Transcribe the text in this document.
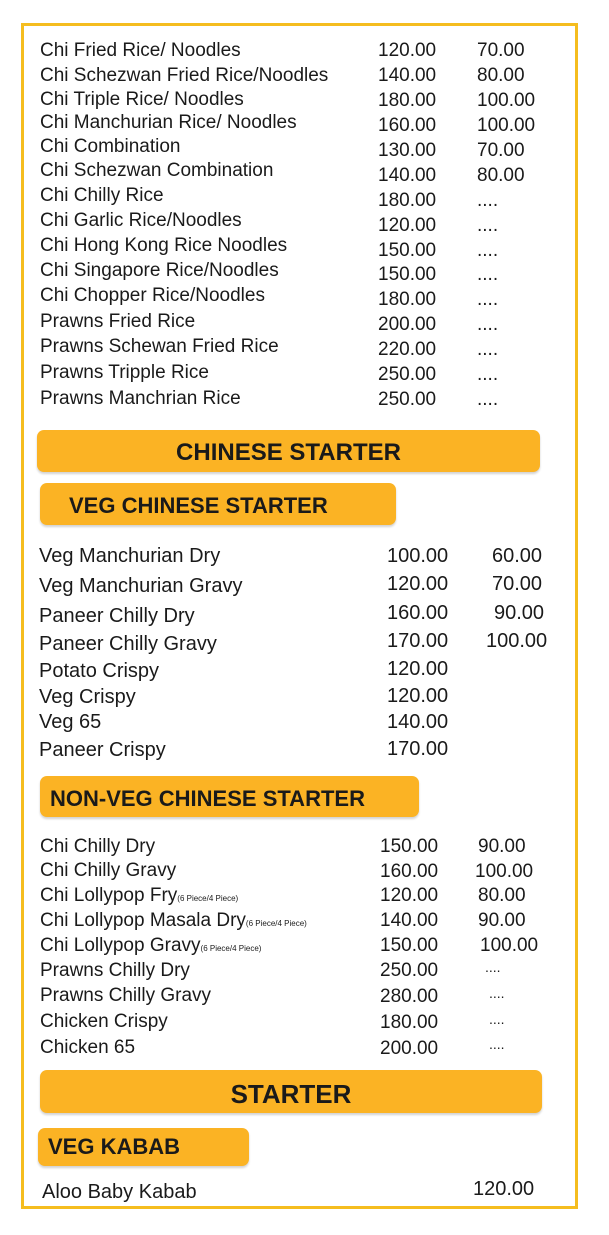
Chi Fried Rice/ Noodles	120.00 70.00
Chi Schezwan Fried Rice/Noodles	140.00 80.00
Chi Triple Rice/ Noodles	180.00 100.00
Chi Manchurian Rice/ Noodles	160.00 100.00
Chi Combination	130.00 70.00
Chi Schezwan Combination	140.00 80.00
Chi Chilly Rice	180.00 ....
Chi Garlic Rice/Noodles	120.00 ....
Chi Hong Kong Rice Noodles	150.00 ....
Chi Singapore Rice/Noodles	150.00 ....
Chi Chopper Rice/Noodles	180.00 ....
Prawns Fried Rice	200.00 ....
Prawns Schewan Fried Rice	220.00 ....
Prawns Tripple Rice	250.00 ....
Prawns Manchrian Rice	250.00 ....
CHINESE STARTER
VEG CHINESE STARTER
Veg Manchurian Dry	100.00 60.00
Veg Manchurian Gravy	120.00 70.00
Paneer Chilly Dry	160.00 90.00
Paneer Chilly Gravy	170.00 100.00
Potato Crispy	120.00
Veg Crispy	120.00
Veg 65	140.00
Paneer Crispy	170.00
NON-VEG CHINESE STARTER
Chi Chilly Dry	150.00 90.00
Chi Chilly Gravy	160.00 100.00
Chi Lollypop Fry(6 Piece/4 Piece)	120.00 80.00
Chi Lollypop Masala Dry(6 Piece/4 Piece)	140.00 90.00
Chi Lollypop Gravy(6 Piece/4 Piece)	150.00 100.00
Prawns Chilly Dry	250.00	....
Prawns Chilly Gravy	280.00	....
Chicken Crispy	180.00	....
Chicken 65	200.00	....
STARTER
VEG KABAB
Aloo Baby Kabab	120.00
